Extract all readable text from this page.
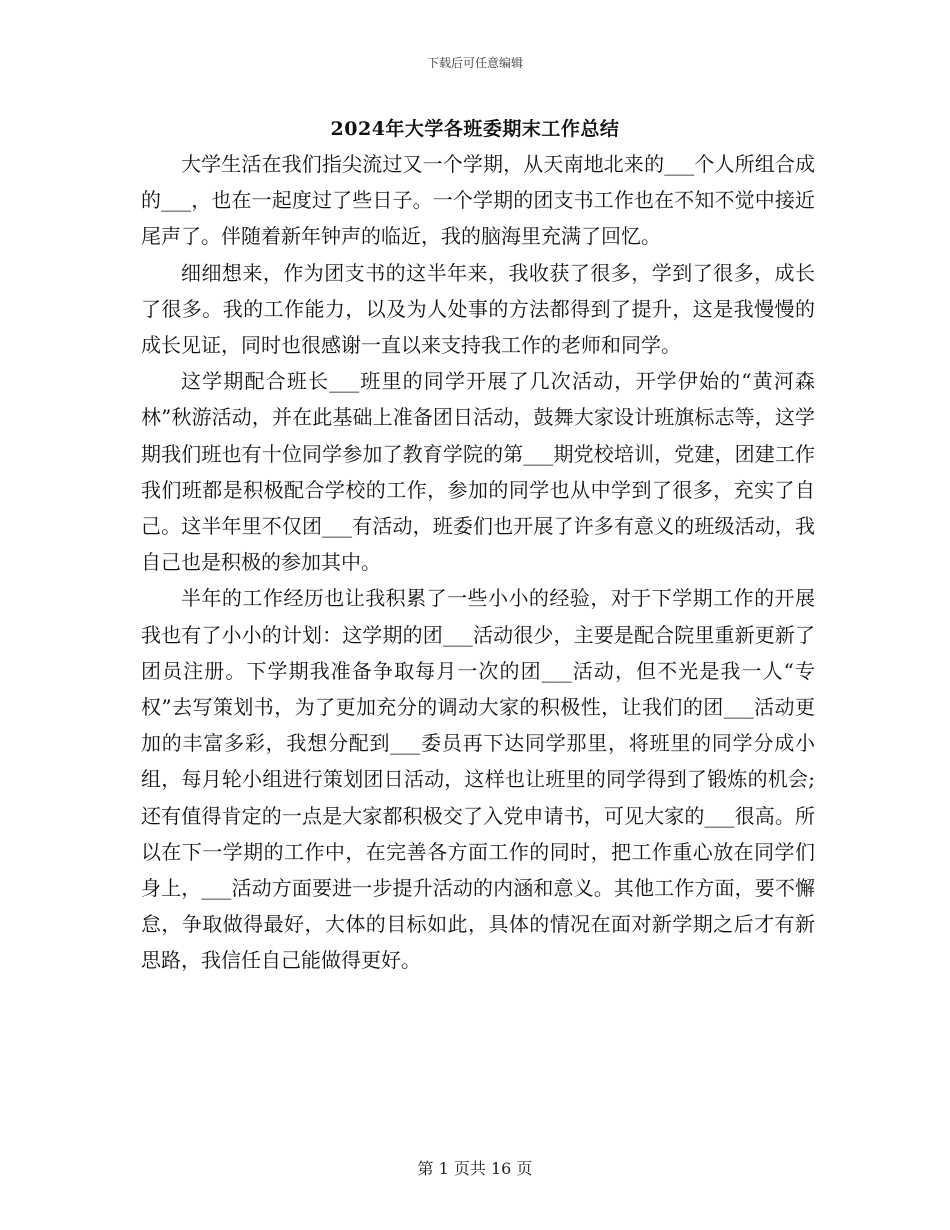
下载后可任意编辑
2024年大学各班委期末工作总结

大学生活在我们指尖流过又一个学期，从天南地北来的___个人所组合成的___，也在一起度过了些日子。一个学期的团支书工作也在不知不觉中接近尾声了。伴随着新年钟声的临近，我的脑海里充满了回忆。

细细想来，作为团支书的这半年来，我收获了很多，学到了很多，成长了很多。我的工作能力，以及为人处事的方法都得到了提升，这是我慢慢的成长见证，同时也很感谢一直以来支持我工作的老师和同学。

这学期配合班长___班里的同学开展了几次活动，开学伊始的“黄河森林”秋游活动，并在此基础上准备团日活动，鼓舞大家设计班旗标志等，这学期我们班也有十位同学参加了教育学院的第___期党校培训，党建，团建工作我们班都是积极配合学校的工作，参加的同学也从中学到了很多，充实了自己。这半年里不仅团___有活动，班委们也开展了许多有意义的班级活动，我自己也是积极的参加其中。

半年的工作经历也让我积累了一些小小的经验，对于下学期工作的开展我也有了小小的计划：这学期的团___活动很少，主要是配合院里重新更新了团员注册。下学期我准备争取每月一次的团___活动，但不光是我一人“专权”去写策划书，为了更加充分的调动大家的积极性，让我们的团___活动更加的丰富多彩，我想分配到___委员再下达同学那里，将班里的同学分成小组，每月轮小组进行策划团日活动，这样也让班里的同学得到了锻炼的机会;还有值得肯定的一点是大家都积极交了入党申请书，可见大家的___很高。所以在下一学期的工作中，在完善各方面工作的同时，把工作重心放在同学们身上，___活动方面要进一步提升活动的内涵和意义。其他工作方面，要不懈怠，争取做得最好，大体的目标如此，具体的情况在面对新学期之后才有新思路，我信任自己能做得更好。

第 1 页共 16 页
